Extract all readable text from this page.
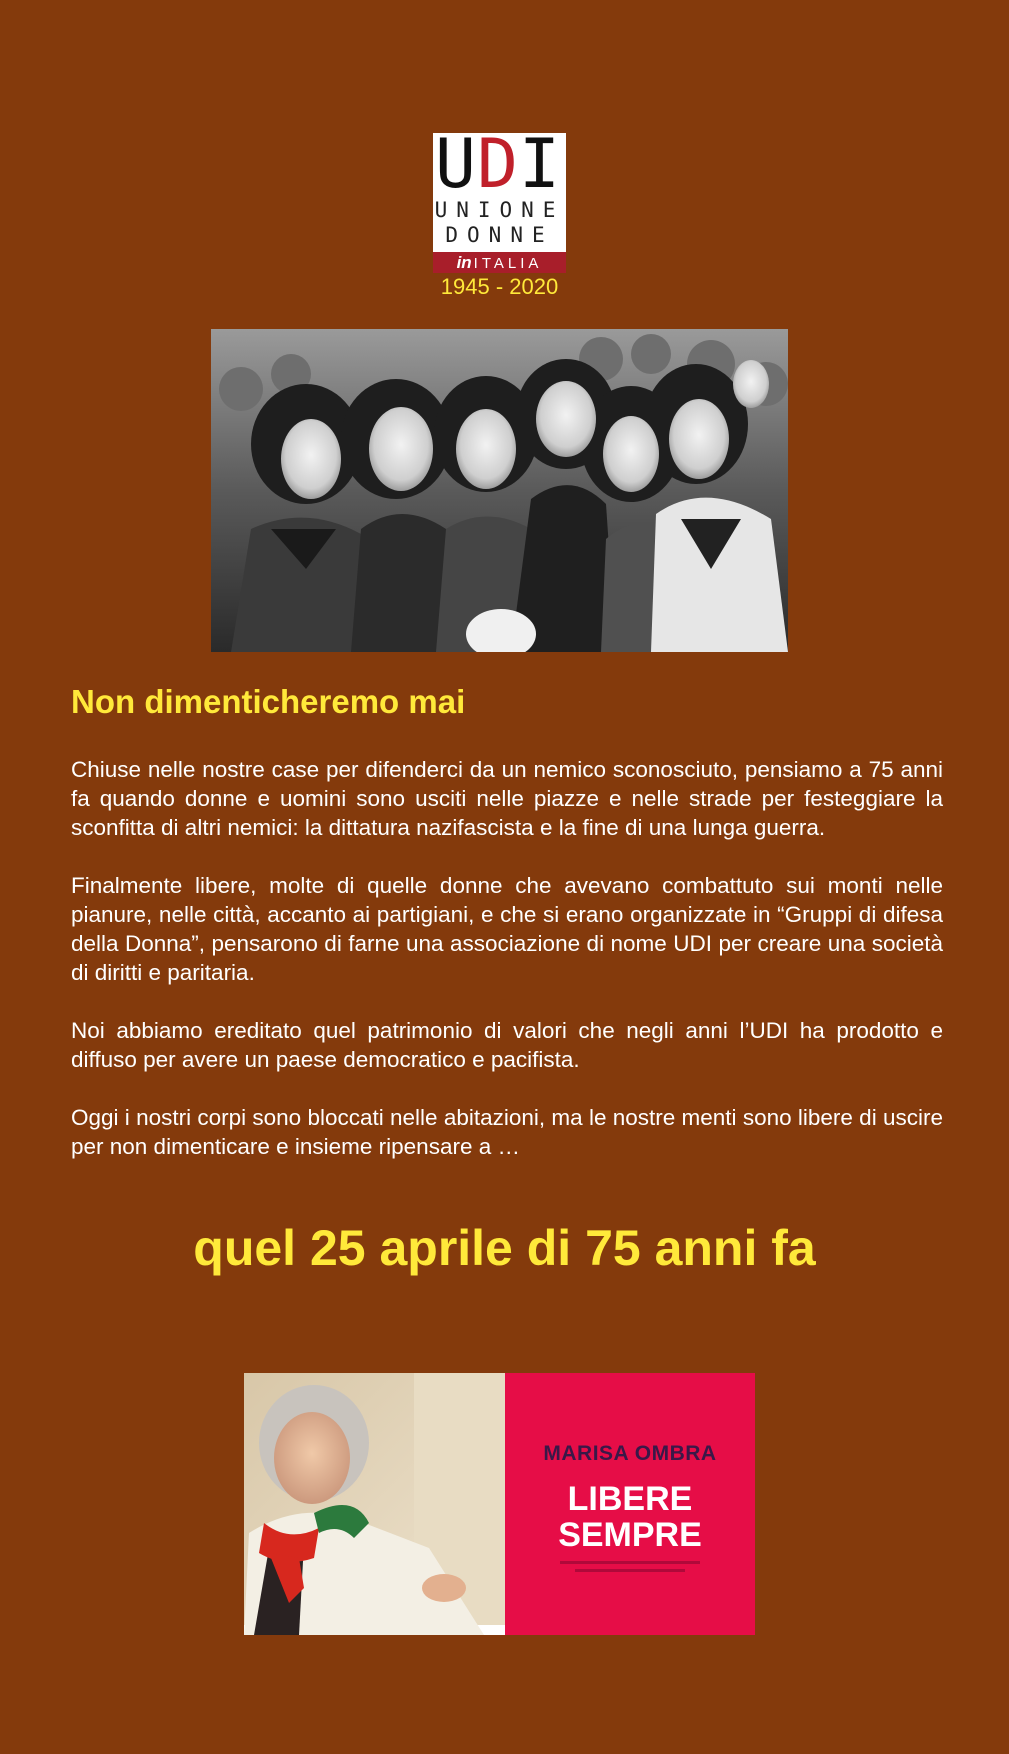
UDI
UNIONE
DONNE
in ITALIA
1945 - 2020
Non dimenticheremo mai

Chiuse nelle nostre case per difenderci da un nemico sconosciuto, pensiamo a 75 anni fa quando donne e uomini sono usciti nelle piazze e nelle strade per festeggiare la sconfitta di altri nemici: la dittatura nazifascista e la fine di una lunga guerra.

Finalmente libere, molte di quelle donne che avevano combattuto sui monti nelle pianure, nelle città, accanto ai partigiani, e che si erano organizzate in “Gruppi di difesa della Donna”, pensarono di farne una associazione di nome UDI per creare una società di diritti e paritaria.

Noi abbiamo ereditato quel patrimonio di valori che negli anni l’UDI ha prodotto e diffuso per avere un paese democratico e pacifista.

Oggi i nostri corpi sono bloccati nelle abitazioni, ma le nostre menti sono libere di uscire per non dimenticare e insieme ripensare a …

quel 25 aprile di 75 anni fa
MARISA OMBRA
LIBERE
SEMPRE
